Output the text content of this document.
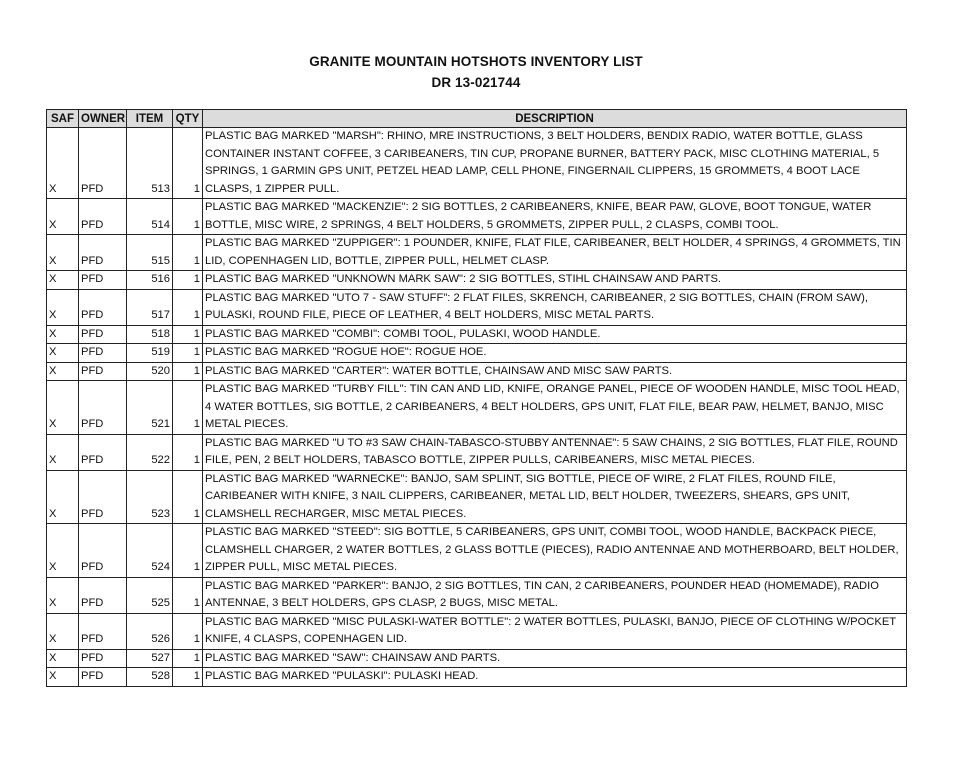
GRANITE MOUNTAIN HOTSHOTS INVENTORY LIST
DR 13-021744
SAF	OWNER	ITEM	QTY	DESCRIPTION
X	PFD	513	1	PLASTIC BAG MARKED "MARSH": RHINO, MRE INSTRUCTIONS, 3 BELT HOLDERS, BENDIX RADIO, WATER BOTTLE, GLASS CONTAINER INSTANT COFFEE, 3 CARIBEANERS, TIN CUP, PROPANE BURNER, BATTERY PACK, MISC CLOTHING MATERIAL, 5 SPRINGS, 1 GARMIN GPS UNIT, PETZEL HEAD LAMP, CELL PHONE, FINGERNAIL CLIPPERS, 15 GROMMETS, 4 BOOT LACE CLASPS, 1 ZIPPER PULL.
X	PFD	514	1	PLASTIC BAG MARKED "MACKENZIE": 2 SIG BOTTLES, 2 CARIBEANERS, KNIFE, BEAR PAW, GLOVE, BOOT TONGUE, WATER BOTTLE, MISC WIRE, 2 SPRINGS, 4 BELT HOLDERS, 5 GROMMETS, ZIPPER PULL, 2 CLASPS, COMBI TOOL.
X	PFD	515	1	PLASTIC BAG MARKED "ZUPPIGER": 1 POUNDER, KNIFE, FLAT FILE, CARIBEANER, BELT HOLDER, 4 SPRINGS, 4 GROMMETS, TIN LID, COPENHAGEN LID, BOTTLE, ZIPPER PULL, HELMET CLASP.
X	PFD	516	1	PLASTIC BAG MARKED "UNKNOWN MARK SAW": 2 SIG BOTTLES, STIHL CHAINSAW AND PARTS.
X	PFD	517	1	PLASTIC BAG MARKED "UTO 7 - SAW STUFF": 2 FLAT FILES, SKRENCH, CARIBEANER, 2 SIG BOTTLES, CHAIN (FROM SAW), PULASKI, ROUND FILE, PIECE OF LEATHER, 4 BELT HOLDERS, MISC METAL PARTS.
X	PFD	518	1	PLASTIC BAG MARKED "COMBI": COMBI TOOL, PULASKI, WOOD HANDLE.
X	PFD	519	1	PLASTIC BAG MARKED "ROGUE HOE": ROGUE HOE.
X	PFD	520	1	PLASTIC BAG MARKED "CARTER": WATER BOTTLE, CHAINSAW AND MISC SAW PARTS.
X	PFD	521	1	PLASTIC BAG MARKED "TURBY FILL": TIN CAN AND LID, KNIFE, ORANGE PANEL, PIECE OF WOODEN HANDLE, MISC TOOL HEAD, 4 WATER BOTTLES, SIG BOTTLE, 2 CARIBEANERS, 4 BELT HOLDERS, GPS UNIT, FLAT FILE, BEAR PAW, HELMET, BANJO, MISC METAL PIECES.
X	PFD	522	1	PLASTIC BAG MARKED "U TO #3 SAW CHAIN-TABASCO-STUBBY ANTENNAE": 5 SAW CHAINS, 2 SIG BOTTLES, FLAT FILE, ROUND FILE, PEN, 2 BELT HOLDERS, TABASCO BOTTLE, ZIPPER PULLS, CARIBEANERS, MISC METAL PIECES.
X	PFD	523	1	PLASTIC BAG MARKED "WARNECKE": BANJO, SAM SPLINT, SIG BOTTLE, PIECE OF WIRE, 2 FLAT FILES, ROUND FILE, CARIBEANER WITH KNIFE, 3 NAIL CLIPPERS, CARIBEANER, METAL LID, BELT HOLDER, TWEEZERS, SHEARS, GPS UNIT, CLAMSHELL RECHARGER, MISC METAL PIECES.
X	PFD	524	1	PLASTIC BAG MARKED "STEED": SIG BOTTLE, 5 CARIBEANERS, GPS UNIT, COMBI TOOL, WOOD HANDLE, BACKPACK PIECE, CLAMSHELL CHARGER, 2 WATER BOTTLES, 2 GLASS BOTTLE (PIECES), RADIO ANTENNAE AND MOTHERBOARD, BELT HOLDER, ZIPPER PULL, MISC METAL PIECES.
X	PFD	525	1	PLASTIC BAG MARKED "PARKER": BANJO, 2 SIG BOTTLES, TIN CAN, 2 CARIBEANERS, POUNDER HEAD (HOMEMADE), RADIO ANTENNAE, 3 BELT HOLDERS, GPS CLASP, 2 BUGS, MISC METAL.
X	PFD	526	1	PLASTIC BAG MARKED "MISC PULASKI-WATER BOTTLE": 2 WATER BOTTLES, PULASKI, BANJO, PIECE OF CLOTHING W/POCKET KNIFE, 4 CLASPS, COPENHAGEN LID.
X	PFD	527	1	PLASTIC BAG MARKED "SAW": CHAINSAW AND PARTS.
X	PFD	528	1	PLASTIC BAG MARKED "PULASKI": PULASKI HEAD.
